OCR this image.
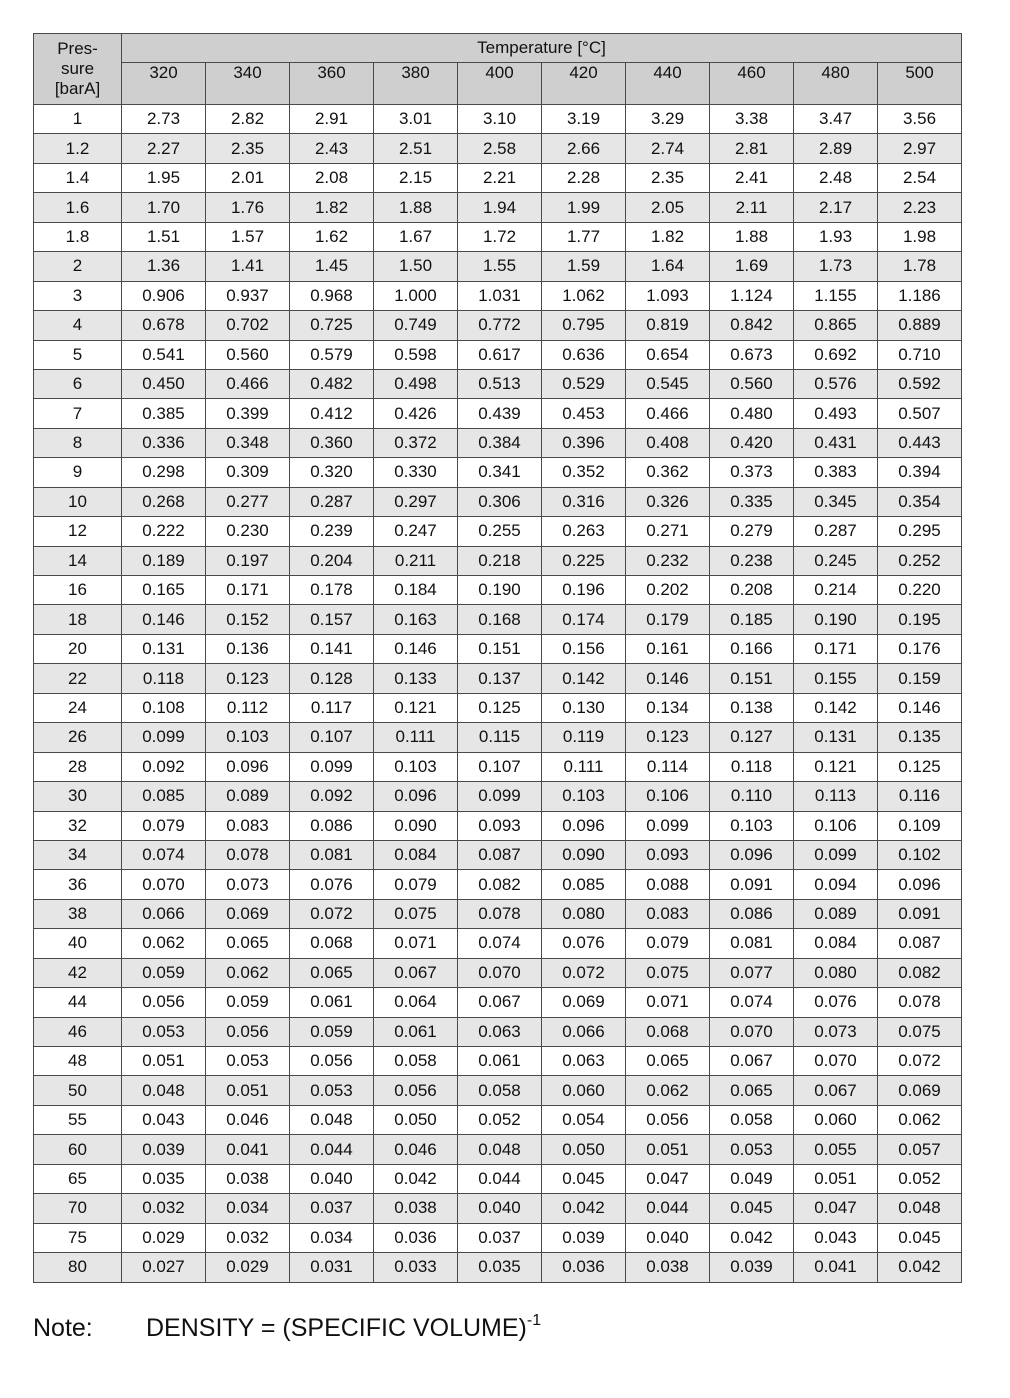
Pres-
sure
[barA]	Temperature [°C]									
	320	340	360	380	400	420	440	460	480	500
1	2.73	2.82	2.91	3.01	3.10	3.19	3.29	3.38	3.47	3.56
1.2	2.27	2.35	2.43	2.51	2.58	2.66	2.74	2.81	2.89	2.97
1.4	1.95	2.01	2.08	2.15	2.21	2.28	2.35	2.41	2.48	2.54
1.6	1.70	1.76	1.82	1.88	1.94	1.99	2.05	2.11	2.17	2.23
1.8	1.51	1.57	1.62	1.67	1.72	1.77	1.82	1.88	1.93	1.98
2	1.36	1.41	1.45	1.50	1.55	1.59	1.64	1.69	1.73	1.78
3	0.906	0.937	0.968	1.000	1.031	1.062	1.093	1.124	1.155	1.186
4	0.678	0.702	0.725	0.749	0.772	0.795	0.819	0.842	0.865	0.889
5	0.541	0.560	0.579	0.598	0.617	0.636	0.654	0.673	0.692	0.710
6	0.450	0.466	0.482	0.498	0.513	0.529	0.545	0.560	0.576	0.592
7	0.385	0.399	0.412	0.426	0.439	0.453	0.466	0.480	0.493	0.507
8	0.336	0.348	0.360	0.372	0.384	0.396	0.408	0.420	0.431	0.443
9	0.298	0.309	0.320	0.330	0.341	0.352	0.362	0.373	0.383	0.394
10	0.268	0.277	0.287	0.297	0.306	0.316	0.326	0.335	0.345	0.354
12	0.222	0.230	0.239	0.247	0.255	0.263	0.271	0.279	0.287	0.295
14	0.189	0.197	0.204	0.211	0.218	0.225	0.232	0.238	0.245	0.252
16	0.165	0.171	0.178	0.184	0.190	0.196	0.202	0.208	0.214	0.220
18	0.146	0.152	0.157	0.163	0.168	0.174	0.179	0.185	0.190	0.195
20	0.131	0.136	0.141	0.146	0.151	0.156	0.161	0.166	0.171	0.176
22	0.118	0.123	0.128	0.133	0.137	0.142	0.146	0.151	0.155	0.159
24	0.108	0.112	0.117	0.121	0.125	0.130	0.134	0.138	0.142	0.146
26	0.099	0.103	0.107	0.111	0.115	0.119	0.123	0.127	0.131	0.135
28	0.092	0.096	0.099	0.103	0.107	0.111	0.114	0.118	0.121	0.125
30	0.085	0.089	0.092	0.096	0.099	0.103	0.106	0.110	0.113	0.116
32	0.079	0.083	0.086	0.090	0.093	0.096	0.099	0.103	0.106	0.109
34	0.074	0.078	0.081	0.084	0.087	0.090	0.093	0.096	0.099	0.102
36	0.070	0.073	0.076	0.079	0.082	0.085	0.088	0.091	0.094	0.096
38	0.066	0.069	0.072	0.075	0.078	0.080	0.083	0.086	0.089	0.091
40	0.062	0.065	0.068	0.071	0.074	0.076	0.079	0.081	0.084	0.087
42	0.059	0.062	0.065	0.067	0.070	0.072	0.075	0.077	0.080	0.082
44	0.056	0.059	0.061	0.064	0.067	0.069	0.071	0.074	0.076	0.078
46	0.053	0.056	0.059	0.061	0.063	0.066	0.068	0.070	0.073	0.075
48	0.051	0.053	0.056	0.058	0.061	0.063	0.065	0.067	0.070	0.072
50	0.048	0.051	0.053	0.056	0.058	0.060	0.062	0.065	0.067	0.069
55	0.043	0.046	0.048	0.050	0.052	0.054	0.056	0.058	0.060	0.062
60	0.039	0.041	0.044	0.046	0.048	0.050	0.051	0.053	0.055	0.057
65	0.035	0.038	0.040	0.042	0.044	0.045	0.047	0.049	0.051	0.052
70	0.032	0.034	0.037	0.038	0.040	0.042	0.044	0.045	0.047	0.048
75	0.029	0.032	0.034	0.036	0.037	0.039	0.040	0.042	0.043	0.045
80	0.027	0.029	0.031	0.033	0.035	0.036	0.038	0.039	0.041	0.042
Note: DENSITY = (SPECIFIC VOLUME)$^{-1}$
